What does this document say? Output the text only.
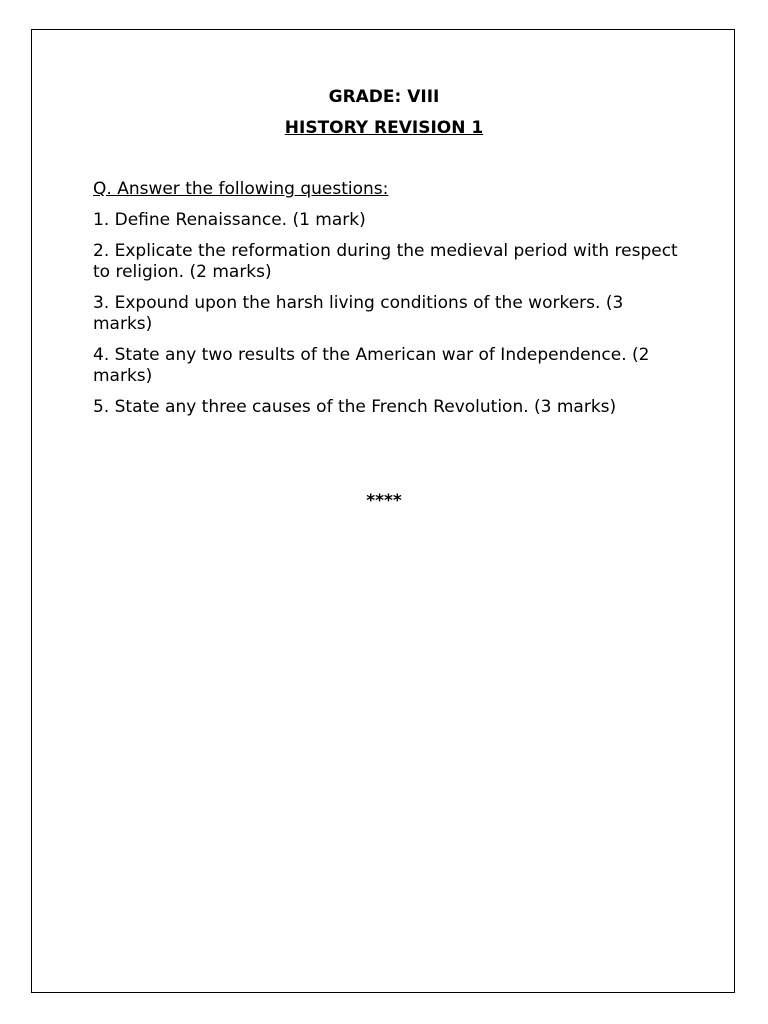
GRADE: VIII
HISTORY REVISION 1

Q. Answer the following questions:

1. Define Renaissance. (1 mark)

2. Explicate the reformation during the medieval period with respect to religion. (2 marks)

3. Expound upon the harsh living conditions of the workers. (3 marks)

4. State any two results of the American war of Independence. (2 marks)

5. State any three causes of the French Revolution. (3 marks)

****
